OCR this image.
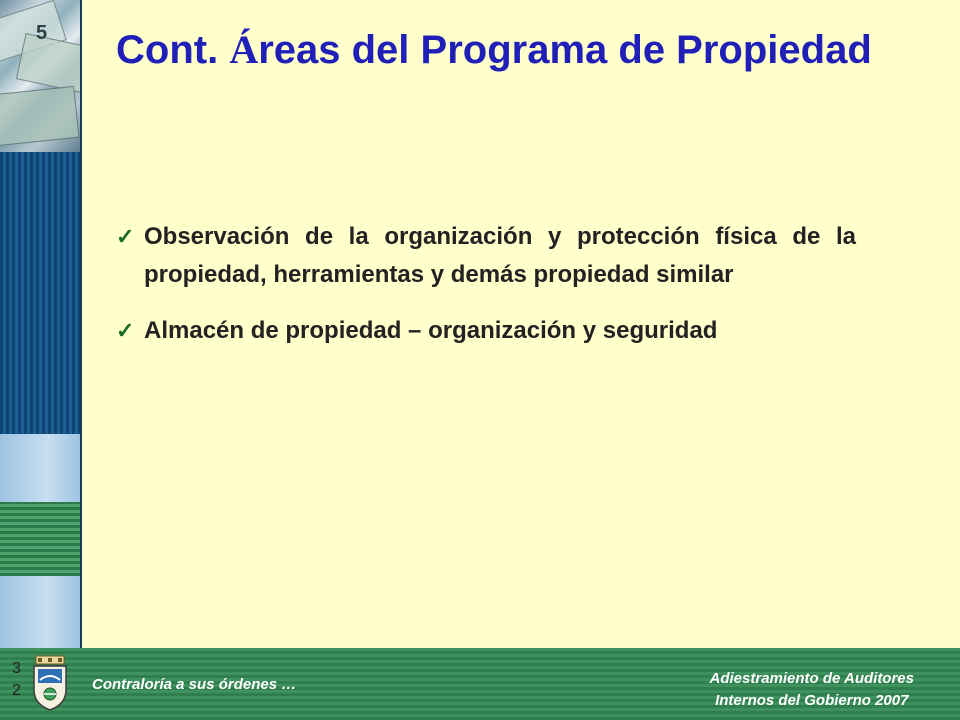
5 Cont. Áreas del Programa de Propiedad
✓ Observación de la organización y protección física de la propiedad, herramientas y demás propiedad similar
✓ Almacén de propiedad – organización y seguridad
32	Contraloría a sus órdenes …	Adiestramiento de Auditores
Internos del Gobierno 2007
